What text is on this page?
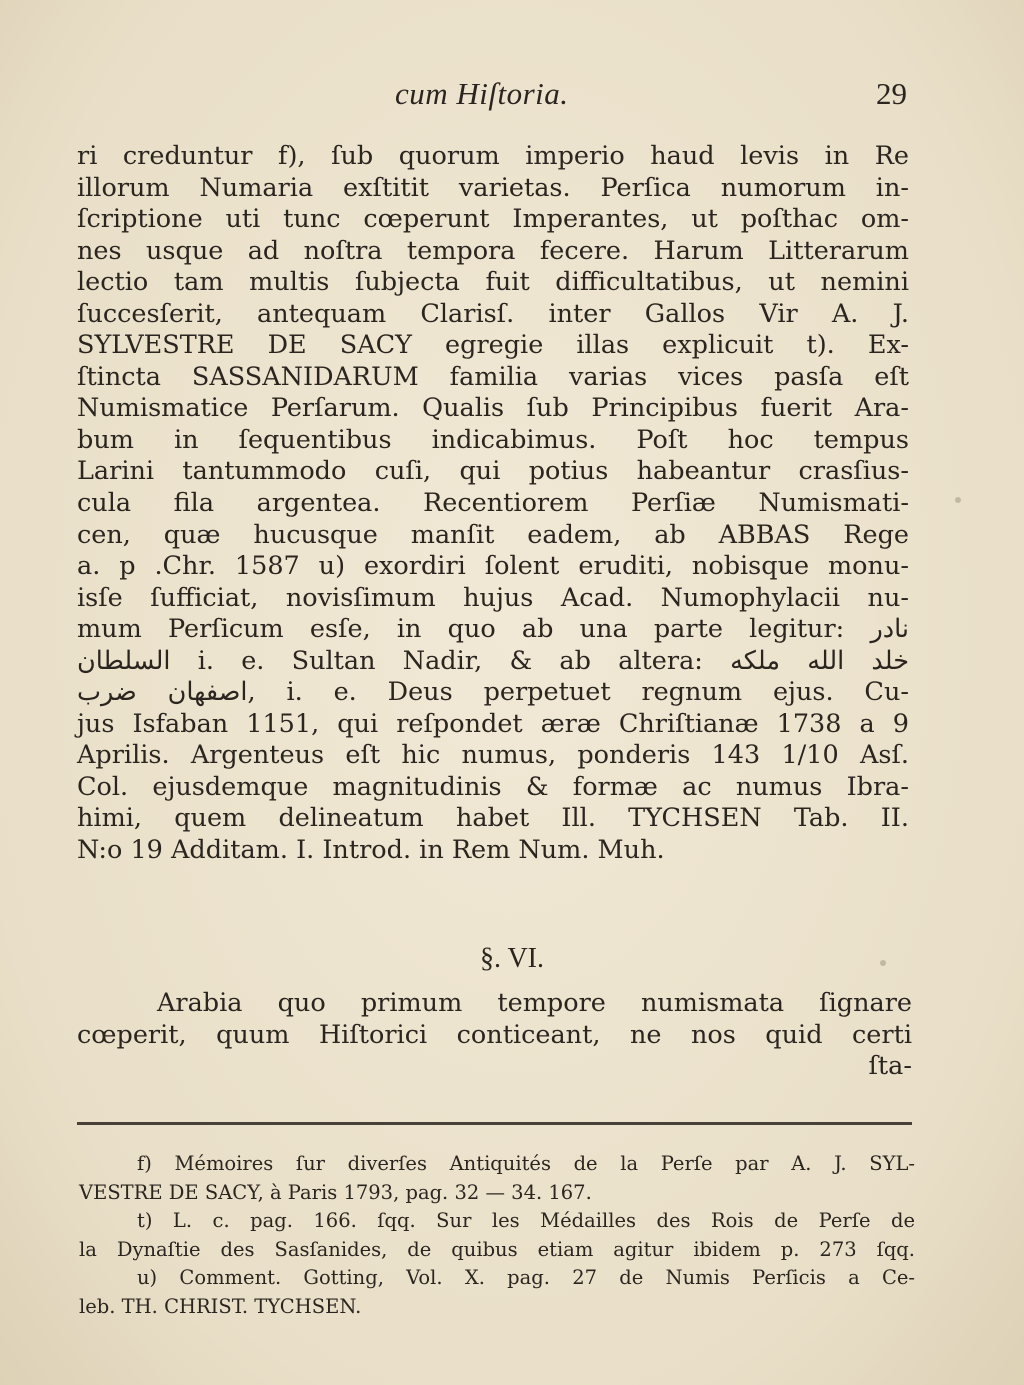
cum Hiſtoria.	29
ri creduntur f), ſub quorum imperio haud levis in Re
illorum Numaria exſtitit varietas. Perſica numorum in-
ſcriptione uti tunc cœperunt Imperantes, ut poſthac om-
nes usque ad noſtra tempora fecere. Harum Litterarum
lectio tam multis ſubjecta fuit difficultatibus, ut nemini
ſuccesſerit, antequam Clarisſ. inter Gallos Vir A. J.
SYLVESTRE DE SACY egregie illas explicuit t). Ex-
ſtincta SASSANIDARUM familia varias vices pasſa eſt
Numismatice Perſarum. Qualis ſub Principibus fuerit Ara-
bum in ſequentibus indicabimus. Poſt hoc tempus
Larini tantummodo cuſi, qui potius habeantur crasſius-
cula fila argentea. Recentiorem Perſiæ Numismati-
cen, quæ hucusque manſit eadem, ab ABBAS Rege
a. p .Chr. 1587 u) exordiri ſolent eruditi, nobisque monu-
isſe ſufficiat, novisſimum hujus Acad. Numophylacii nu-
mum Perſicum esſe, in quo ab una parte legitur: نادر
السلطان i. e. Sultan Nadir, & ab altera: خلد الله ملكه
اصفهان ضرب, i. e. Deus perpetuet regnum ejus. Cu-
jus Isfaban 1151, qui reſpondet æræ Chriſtianæ 1738 a 9
Aprilis. Argenteus eſt hic numus, ponderis 143 1/10 Asſ.
Col. ejusdemque magnitudinis & formæ ac numus Ibra-
himi, quem delineatum habet Ill. TYCHSEN Tab. II.
N:o 19 Additam. I. Introd. in Rem Num. Muh.
§. VI.
Arabia quo primum tempore numismata ſignare
cœperit, quum Hiſtorici conticeant, ne nos quid certi
ſta-
f) Mémoires ſur diverſes Antiquités de la Perſe par A. J. SYL-
VESTRE DE SACY, à Paris 1793, pag. 32 — 34. 167.
t) L. c. pag. 166. ſqq. Sur les Médailles des Rois de Perſe de
la Dynaſtie des Sasſanides, de quibus etiam agitur ibidem p. 273 ſqq.
u) Comment. Gotting, Vol. X. pag. 27 de Numis Perſicis a Ce-
leb. TH. CHRIST. TYCHSEN.
